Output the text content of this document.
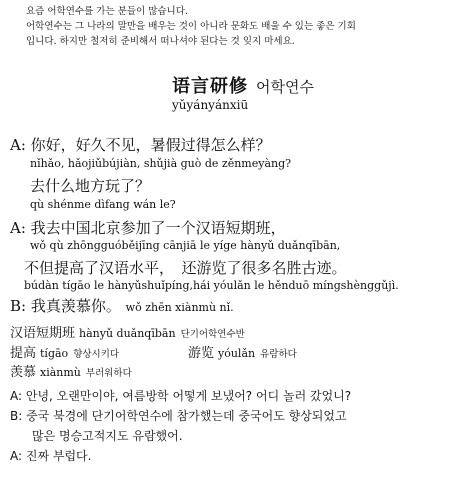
요즘 어학연수를 가는 분들이 많습니다.
어학연수는 그 나라의 말만을 배우는 것이 아니라 문화도 배울 수 있는 좋은 기회
입니다. 하지만 철저히 준비해서 떠나셔야 된다는 것 잊지 마세요.
语言研修 어학연수
yǔyányánxiū
A: 你好，好久不见，暑假过得怎么样？
nǐhǎo, hǎojiǔbújiàn, shǔjià guò de zěnmeyàng?
去什么地方玩了？
qù shénme dìfang wán le?
A: 我去中国北京参加了一个汉语短期班，
wǒ qù zhōngguóběijīng cānjiā le yíge hànyǔ duǎnqībān,
不但提高了汉语水平，　还游览了很多名胜古迹。
búdàn tígāo le hànyǔshuǐpíng,hái yóulǎn le hěnduō míngshènggǔjì.
B: 我真羡慕你。 wǒ zhēn xiànmù nǐ.
汉语短期班 hànyǔ duǎnqībān 단기어학연수반
提高 tígāo 향상시키다	游览 yóulǎn 유람하다
羡慕 xiànmù 부러워하다
A: 안녕, 오랜만이야, 여름방학 어떻게 보냈어? 어디 놀러 갔었니?
B: 중국 북경에 단기어학연수에 참가했는데 중국어도 향상되었고
많은 명승고적지도 유람했어.
A: 진짜 부럽다.
